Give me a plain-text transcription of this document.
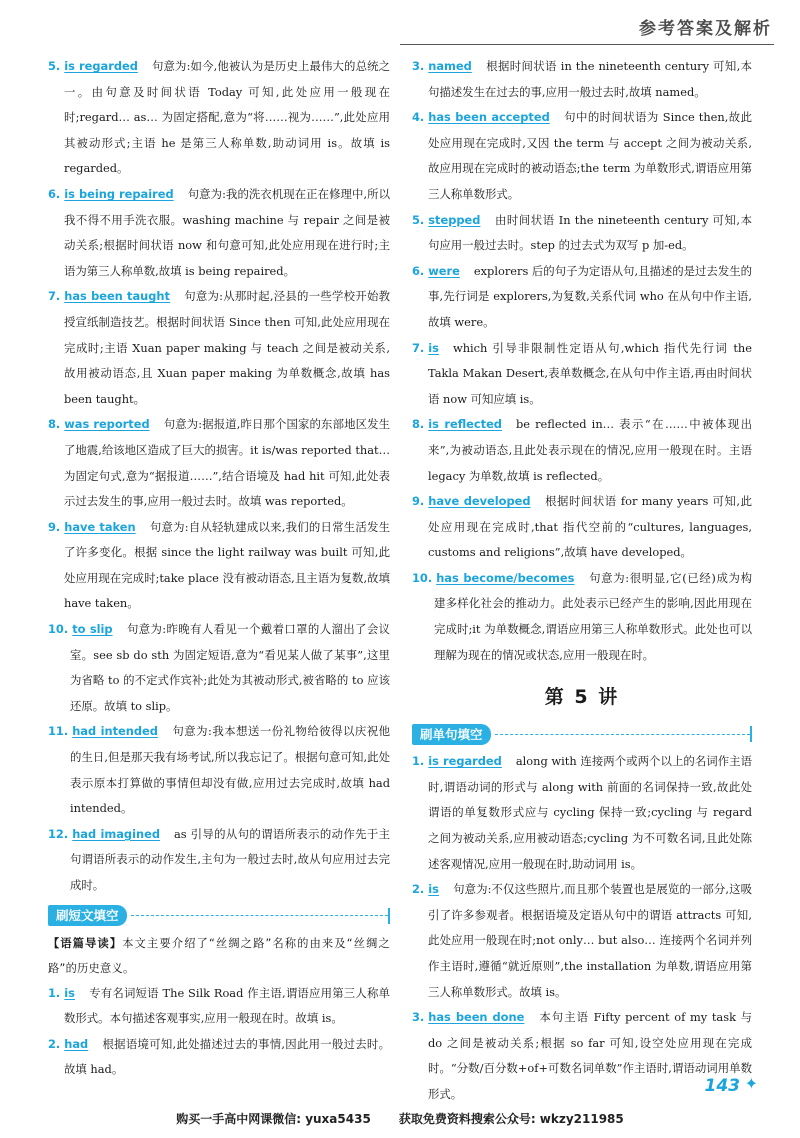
参考答案及解析
5. is regarded 句意为:如今,他被认为是历史上最伟大的总统之一。由句意及时间状语 Today 可知,此处应用一般现在时;regard… as… 为固定搭配,意为“将……视为……”,此处应用其被动形式;主语 he 是第三人称单数,助动词用 is。故填 is regarded。
6. is being repaired 句意为:我的洗衣机现在正在修理中,所以我不得不用手洗衣服。washing machine 与 repair 之间是被动关系;根据时间状语 now 和句意可知,此处应用现在进行时;主语为第三人称单数,故填 is being repaired。
7. has been taught 句意为:从那时起,泾县的一些学校开始教授宣纸制造技艺。根据时间状语 Since then 可知,此处应用现在完成时;主语 Xuan paper making 与 teach 之间是被动关系,故用被动语态,且 Xuan paper making 为单数概念,故填 has been taught。
8. was reported 句意为:据报道,昨日那个国家的东部地区发生了地震,给该地区造成了巨大的损害。it is/was reported that… 为固定句式,意为“据报道……”,结合语境及 had hit 可知,此处表示过去发生的事,应用一般过去时。故填 was reported。
9. have taken 句意为:自从轻轨建成以来,我们的日常生活发生了许多变化。根据 since the light railway was built 可知,此处应用现在完成时;take place 没有被动语态,且主语为复数,故填 have taken。
10. to slip 句意为:昨晚有人看见一个戴着口罩的人溜出了会议室。see sb do sth 为固定短语,意为“看见某人做了某事”,这里为省略 to 的不定式作宾补;此处为其被动形式,被省略的 to 应该还原。故填 to slip。
11. had intended 句意为:我本想送一份礼物给彼得以庆祝他的生日,但是那天我有场考试,所以我忘记了。根据句意可知,此处表示原本打算做的事情但却没有做,应用过去完成时,故填 had intended。
12. had imagined as 引导的从句的谓语所表示的动作先于主句谓语所表示的动作发生,主句为一般过去时,故从句应用过去完成时。
刷短文填空
【语篇导读】本文主要介绍了“丝绸之路”名称的由来及“丝绸之路”的历史意义。
1. is 专有名词短语 The Silk Road 作主语,谓语应用第三人称单数形式。本句描述客观事实,应用一般现在时。故填 is。
2. had 根据语境可知,此处描述过去的事情,因此用一般过去时。故填 had。
3. named 根据时间状语 in the nineteenth century 可知,本句描述发生在过去的事,应用一般过去时,故填 named。
4. has been accepted 句中的时间状语为 Since then,故此处应用现在完成时,又因 the term 与 accept 之间为被动关系,故应用现在完成时的被动语态;the term 为单数形式,谓语应用第三人称单数形式。
5. stepped 由时间状语 In the nineteenth century 可知,本句应用一般过去时。step 的过去式为双写 p 加-ed。
6. were explorers 后的句子为定语从句,且描述的是过去发生的事,先行词是 explorers,为复数,关系代词 who 在从句中作主语,故填 were。
7. is which 引导非限制性定语从句,which 指代先行词 the Takla Makan Desert,表单数概念,在从句中作主语,再由时间状语 now 可知应填 is。
8. is reflected be reflected in… 表示“在……中被体现出来”,为被动语态,且此处表示现在的情况,应用一般现在时。主语 legacy 为单数,故填 is reflected。
9. have developed 根据时间状语 for many years 可知,此处应用现在完成时,that 指代空前的“cultures, languages, customs and religions”,故填 have developed。
10. has become/becomes 句意为:很明显,它(已经)成为构建多样化社会的推动力。此处表示已经产生的影响,因此用现在完成时;it 为单数概念,谓语应用第三人称单数形式。此处也可以理解为现在的情况或状态,应用一般现在时。
第 5 讲
刷单句填空
1. is regarded along with 连接两个或两个以上的名词作主语时,谓语动词的形式与 along with 前面的名词保持一致,故此处谓语的单复数形式应与 cycling 保持一致;cycling 与 regard 之间为被动关系,应用被动语态;cycling 为不可数名词,且此处陈述客观情况,应用一般现在时,助动词用 is。
2. is 句意为:不仅这些照片,而且那个装置也是展览的一部分,这吸引了许多参观者。根据语境及定语从句中的谓语 attracts 可知,此处应用一般现在时;not only… but also… 连接两个名词并列作主语时,遵循“就近原则”,the installation 为单数,谓语应用第三人称单数形式。故填 is。
3. has been done 本句主语 Fifty percent of my task 与 do 之间是被动关系;根据 so far 可知,设空处应用现在完成时。“分数/百分数+of+可数名词单数”作主语时,谓语动词用单数形式。	143 ✦
购买一手高中网课微信: yuxa5435 获取免费资料搜索公众号: wkzy211985
